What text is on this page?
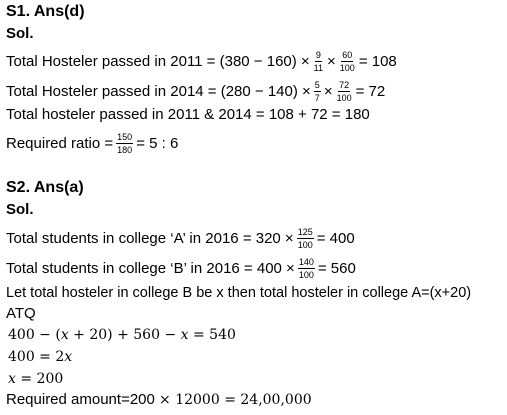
S1. Ans(d)
Sol.
Total Hosteler passed in $2011 = (380 - 160) \times \frac{9}{11} \times \frac{60}{100} = 108$
Total Hosteler passed in $2014 = (280 - 140) \times \frac{5}{7} \times \frac{72}{100} = 72$
Total hosteler passed in 2011 & 2014 = 108 + 72 = 180
Required ratio = $\frac{150}{180} = 5$ : 6
S2. Ans(a)
Sol.
Total students in college ‘A’ in $2016 = 320 \times \frac{125}{100} = 400$
Total students in college ‘B’ in $2016 = 400 \times \frac{140}{100} = 560$
Let total hosteler in college B be x then total hosteler in college A=(x+20)
ATQ
400 − ( x + 20) + 560 − x = 540
400 = 2 x
x = 200
Required amount=200 × 12000 = 24,00,000
